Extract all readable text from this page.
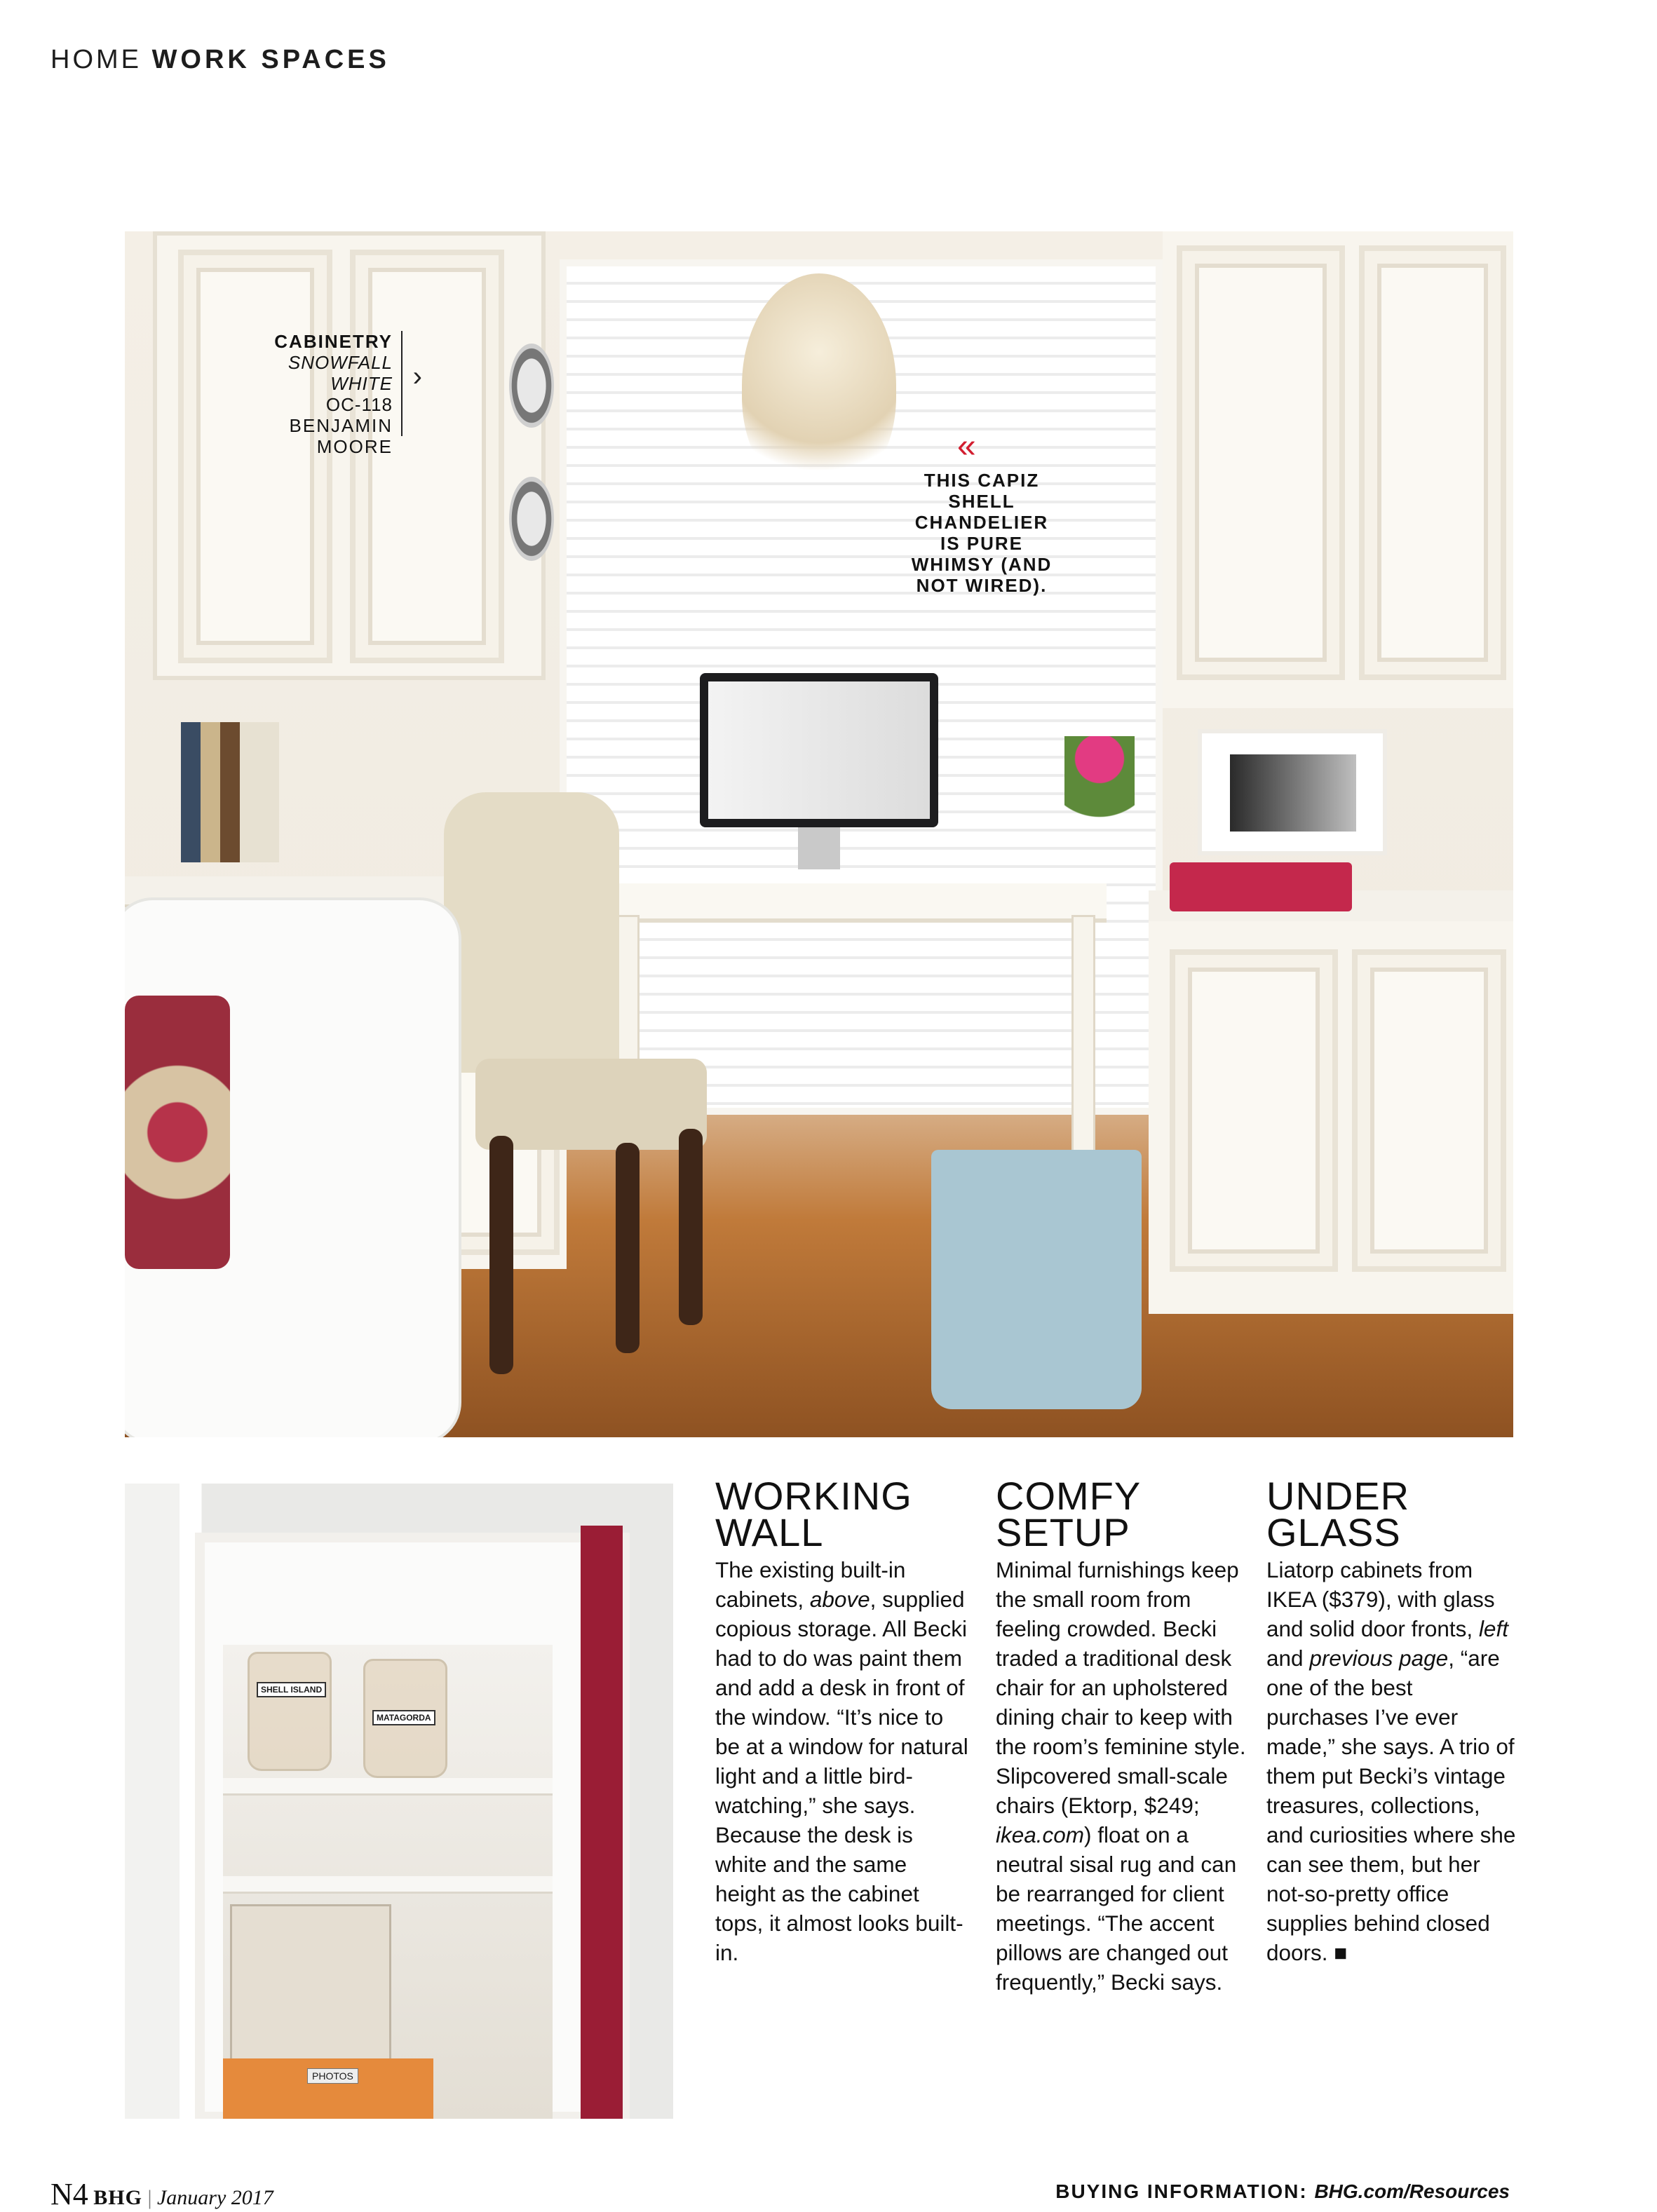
HOME WORK SPACES
CABINETRY
SNOWFALL WHITE
OC-118
BENJAMIN
MOORE
›
«
THIS CAPIZ
SHELL
CHANDELIER
IS PURE
WHIMSY (AND
NOT WIRED).
SHELL ISLAND
MATAGORDA
PHOTOS
WORKING
WALL

The existing built-in cabinets, above, supplied copious storage. All Becki had to do was paint them and add a desk in front of the window. “It’s nice to be at a window for natural light and a little bird-watching,” she says. Because the desk is white and the same height as the cabinet tops, it almost looks built-in.

COMFY
SETUP

Minimal furnishings keep the small room from feeling crowded. Becki traded a traditional desk chair for an upholstered dining chair to keep with the room’s feminine style. Slipcovered small-scale chairs (Ektorp, $249; ikea.com) float on a neutral sisal rug and can be rearranged for client meetings. “The accent pillows are changed out frequently,” Becki says.

UNDER
GLASS

Liatorp cabinets from IKEA ($379), with glass and solid door fronts, left and previous page, “are one of the best purchases I’ve ever made,” she says. A trio of them put Becki’s vintage treasures, collections, and curiosities where she can see them, but her not-so-pretty office supplies behind closed doors. ■

N4 BHG | January 2017	BUYING INFORMATION: BHG.com/Resources
